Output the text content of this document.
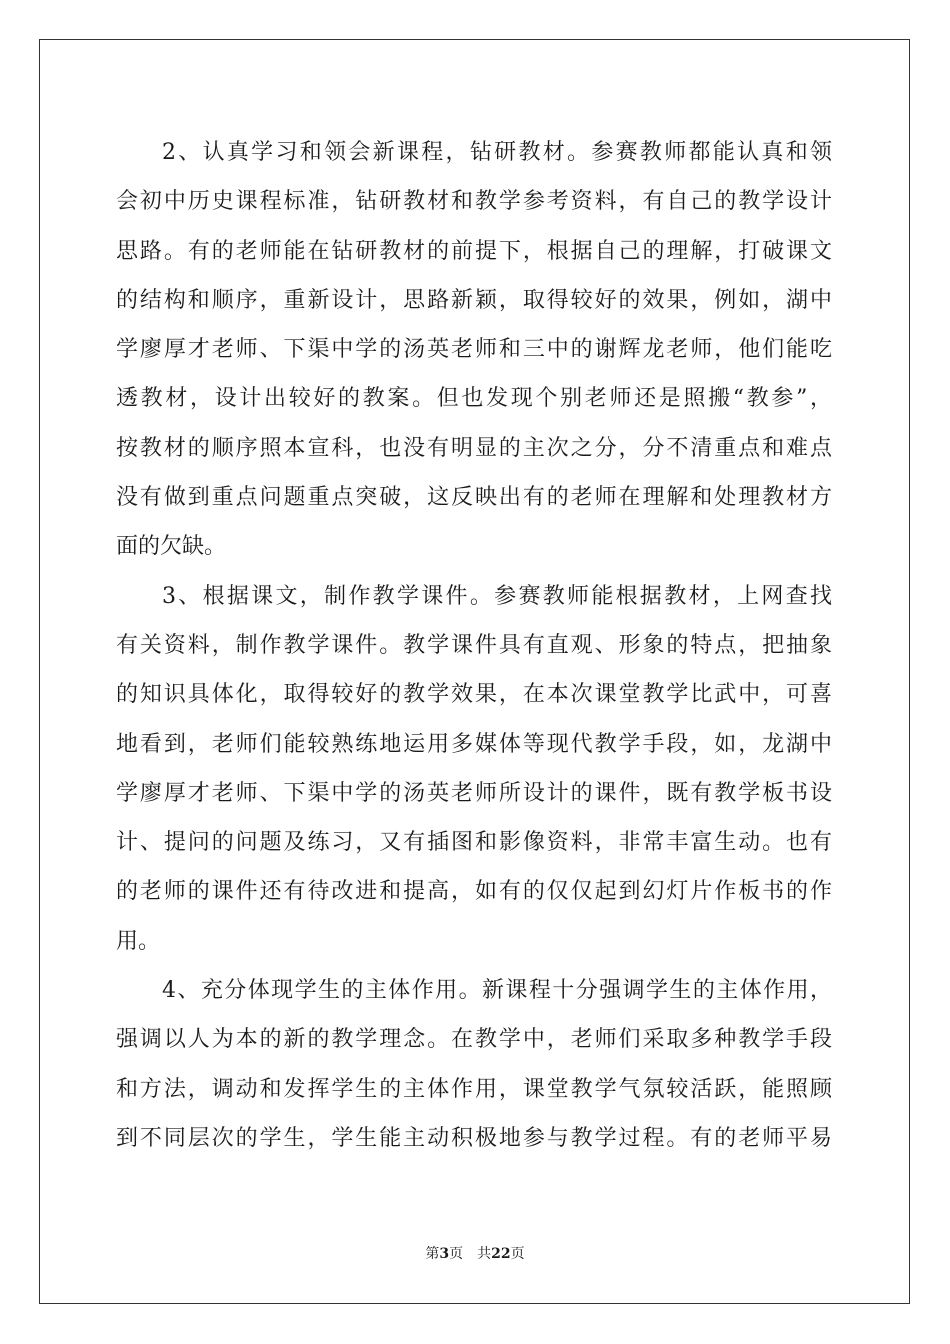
2、认真学习和领会新课程，钻研教材。参赛教师都能认真和领
会初中历史课程标准，钻研教材和教学参考资料，有自己的教学设计
思路。有的老师能在钻研教材的前提下，根据自己的理解，打破课文
的结构和顺序，重新设计，思路新颖，取得较好的效果，例如，湖中
学廖厚才老师、下渠中学的汤英老师和三中的谢辉龙老师，他们能吃
透教材，设计出较好的教案。但也发现个别老师还是照搬“教参”，
按教材的顺序照本宣科，也没有明显的主次之分，分不清重点和难点
没有做到重点问题重点突破，这反映出有的老师在理解和处理教材方
面的欠缺。
3、根据课文，制作教学课件。参赛教师能根据教材，上网查找
有关资料，制作教学课件。教学课件具有直观、形象的特点，把抽象
的知识具体化，取得较好的教学效果，在本次课堂教学比武中，可喜
地看到，老师们能较熟练地运用多媒体等现代教学手段，如，龙湖中
学廖厚才老师、下渠中学的汤英老师所设计的课件，既有教学板书设
计、提问的问题及练习，又有插图和影像资料，非常丰富生动。也有
的老师的课件还有待改进和提高，如有的仅仅起到幻灯片作板书的作
用。
4、充分体现学生的主体作用。新课程十分强调学生的主体作用，
强调以人为本的新的教学理念。在教学中，老师们采取多种教学手段
和方法，调动和发挥学生的主体作用，课堂教学气氛较活跃，能照顾
到不同层次的学生，学生能主动积极地参与教学过程。有的老师平易
第3页 共22页
